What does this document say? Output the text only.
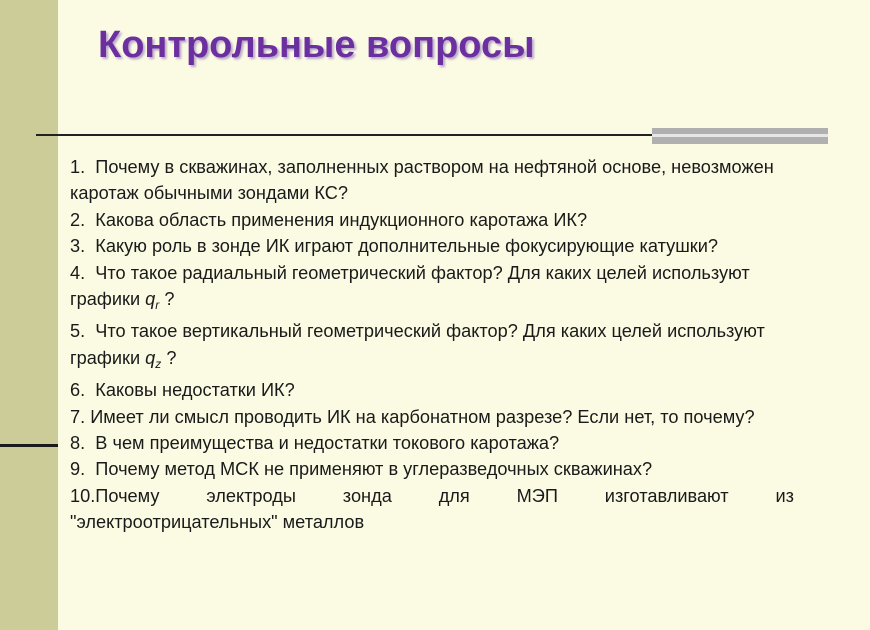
Контрольные вопросы

1. Почему в скважинах, заполненных раствором на нефтяной основе, невозможен каротаж обычными зондами КС?

2. Какова область применения индукционного каротажа ИК?

3. Какую роль в зонде ИК играют дополнительные фокусирующие катушки?

4. Что такое радиальный геометрический фактор? Для каких целей используют графики $q_r$ ?

5. Что такое вертикальный геометрический фактор? Для каких целей используют графики $q_z$ ?

6. Каковы недостатки ИК?

7. Имеет ли смысл проводить ИК на карбонатном разрезе? Если нет, то почему?

8. В чем преимущества и недостатки токового каротажа?

9. Почему метод МСК не применяют в углеразведочных скважинах?

10.Почему электроды зонда для МЭП изготавливают из

"электроотрицательных" металлов
